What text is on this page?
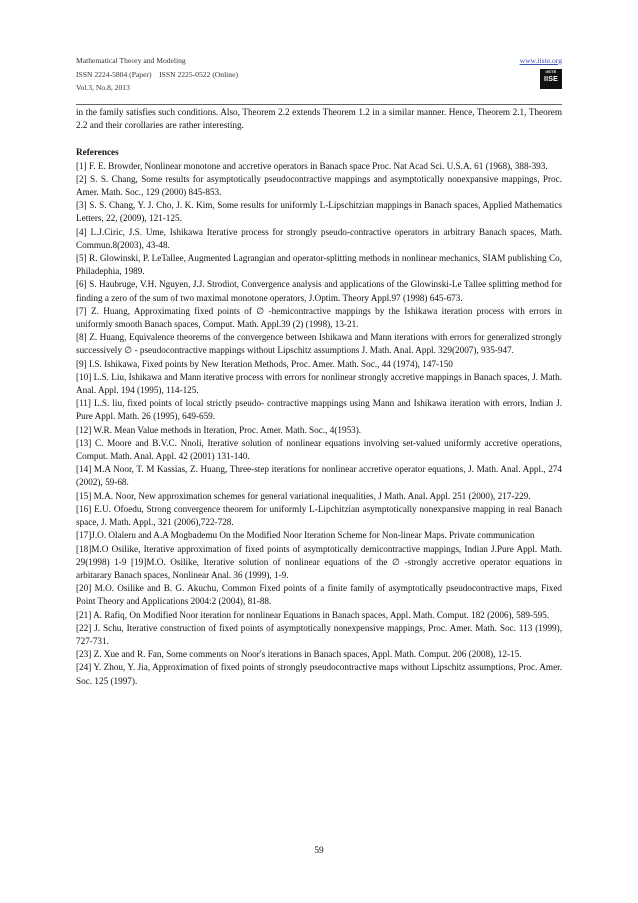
Mathematical Theory and Modeling	www.iiste.org
ISSN 2224-5804 (Paper)    ISSN 2225-0522 (Online)
Vol.3, No.8, 2013
IISTE
IISE

in the family satisfies such conditions. Also, Theorem 2.2 extends Theorem 1.2 in a similar manner. Hence, Theorem 2.1, Theorem 2.2 and their corollaries are rather interesting.

References

[1] F. E. Browder, Nonlinear monotone and accretive operators in Banach space Proc. Nat Acad Sci. U.S.A. 61 (1968), 388-393.

[2] S. S. Chang, Some results for asymptotically pseudocontractive mappings and asymptotically nonexpansive mappings, Proc. Amer. Math. Soc., 129 (2000) 845-853.

[3] S. S. Chang, Y. J. Cho, J. K. Kim, Some results for uniformly L-Lipschitzian mappings in Banach spaces, Applied Mathematics Letters, 22, (2009), 121-125.

[4] L.J.Ciric, J.S. Ume, Ishikawa Iterative process for strongly pseudo-contractive operators in arbitrary Banach spaces, Math. Commun.8(2003), 43-48.

[5] R. Glowinski, P. LeTallee, Augmented Lagrangian and operator-splitting methods in nonlinear mechanics, SIAM publishing Co, Philadephia, 1989.

[6] S. Haubruge, V.H. Nguyen, J.J. Strodiot, Convergence analysis and applications of the Glowinski-Le Tallee splitting method for finding a zero of the sum of two maximal monotone operators, J.Optim. Theory Appl.97 (1998) 645-673.

[7] Z. Huang, Approximating fixed points of ∅ -hemicontractive mappings by the Ishikawa iteration process with errors in uniformly smooth Banach spaces, Comput. Math. Appl.39 (2) (1998), 13-21.

[8] Z. Huang, Equivalence theorems of the convergence between Ishikawa and Mann iterations with errors for generalized strongly successively ∅ - pseudocontractive mappings without Lipschitz assumptions J. Math. Anal. Appl. 329(2007), 935-947.

[9] I.S. Ishikawa, Fixed points by New Iteration Methods, Proc. Amer. Math. Soc., 44 (1974), 147-150

[10] L.S. Liu, Ishikawa and Mann iterative process with errors for nonlinear strongly accretive mappings in Banach spaces, J. Math. Anal. Appl. 194 (1995), 114-125.

[11] L.S. liu, fixed points of local strictly pseudo- contractive mappings using Mann and Ishikawa iteration with errors, Indian J. Pure Appl. Math. 26 (1995), 649-659.

[12] W.R. Mean Value methods in Iteration, Proc. Amer. Math. Soc., 4(1953).

[13] C. Moore and B.V.C. Nnoli, Iterative solution of nonlinear equations involving set-valued uniformly accretive operations, Comput. Math. Anal. Appl. 42 (2001) 131-140.

[14] M.A Noor, T. M Kassias, Z. Huang, Three-step iterations for nonlinear accretive operator equations, J. Math. Anal. Appl., 274 (2002), 59-68.

[15] M.A. Noor, New approximation schemes for general variational inequalities, J Math. Anal. Appl. 251 (2000), 217-229.

[16] E.U. Ofoedu, Strong convergence theorem for uniformly L-Lipchitzian asymptotically nonexpansive mapping in real Banach space, J. Math. Appl., 321 (2006),722-728.

[17]J.O. Olaleru and A.A Mogbademu On the Modified Noor Iteration Scheme for Non-linear Maps. Private communication

[18]M.O Osilike, Iterative approximation of fixed points of asymptotically demicontractive mappings, Indian J.Pure Appl. Math. 29(1998) 1-9 [19]M.O. Osilike, Iterative solution of nonlinear equations of the ∅ -strongly accretive operator equations in arbitarary Banach spaces, Nonlinear Anal. 36 (1999), 1-9.

[20] M.O. Osilike and B. G. Akuchu, Common Fixed points of a finite family of asymptotically pseudocontractive maps, Fixed Point Theory and Applications 2004:2 (2004), 81-88.

[21] A. Rafiq, On Modified Noor iteration for nonlinear Equations in Banach spaces, Appl. Math. Comput. 182 (2006), 589-595.

[22] J. Schu, Iterative construction of fixed points of asymptotically nonexpensive mappings, Proc. Amer. Math. Soc. 113 (1999), 727-731.

[23] Z. Xue and R. Fan, Some comments on Noor′s iterations in Banach spaces, Appl. Math. Comput. 206 (2008), 12-15.

[24] Y. Zhou, Y. Jia, Approximation of fixed points of strongly pseudocontractive maps without Lipschitz assumptions, Proc. Amer. Soc. 125 (1997).

59
